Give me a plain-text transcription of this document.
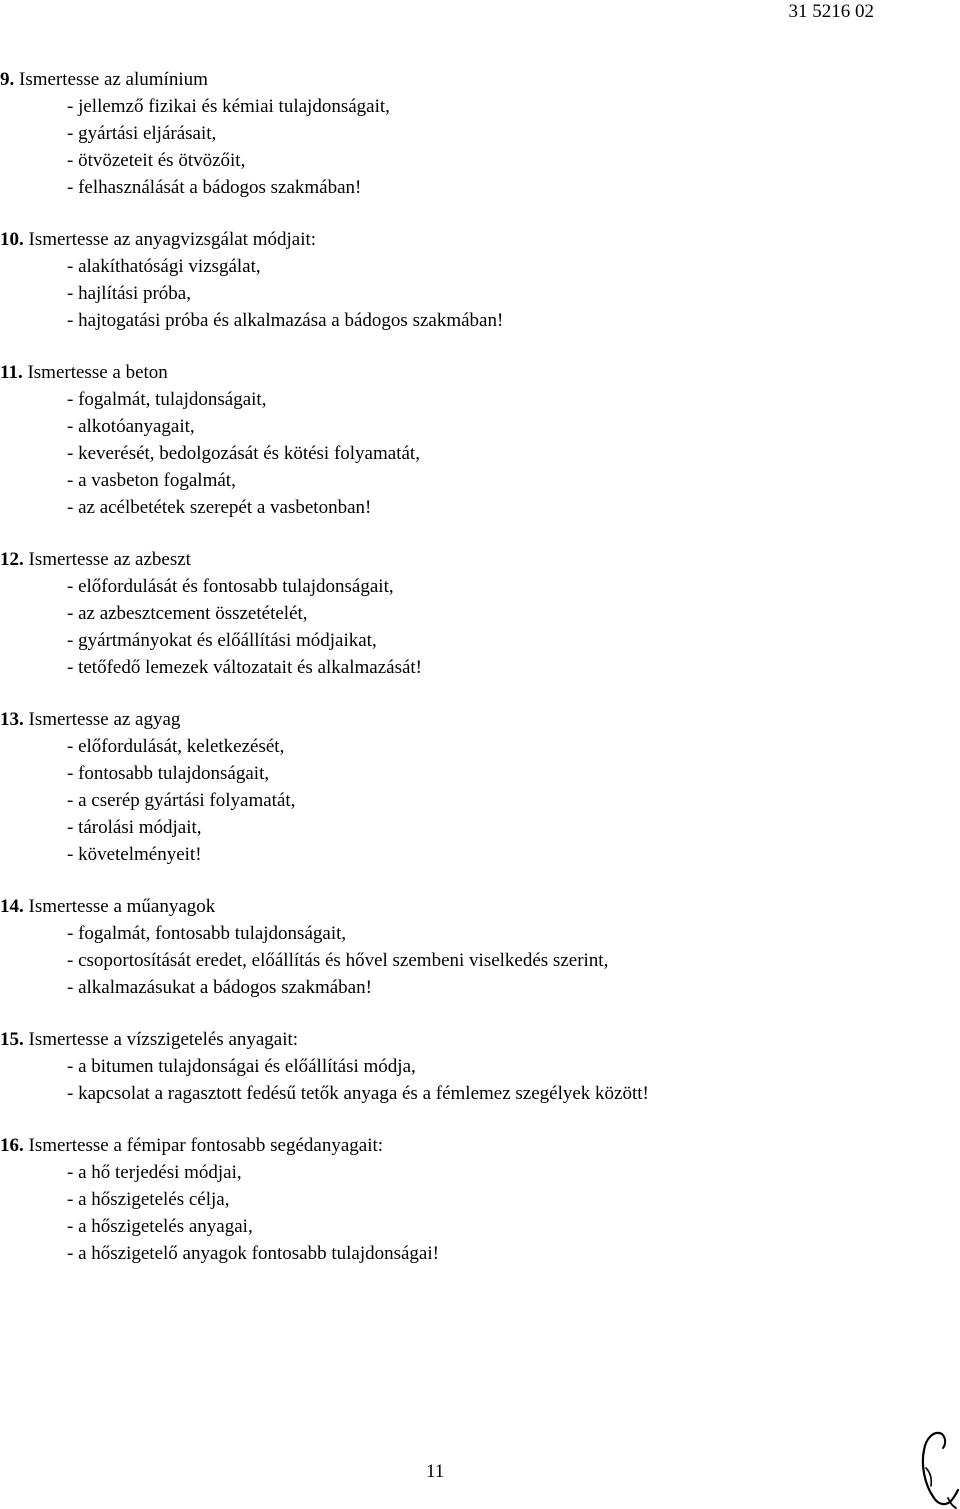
31 5216 02
9. Ismertesse az alumínium
- jellemző fizikai és kémiai tulajdonságait,
- gyártási eljárásait,
- ötvözeteit és ötvözőit,
- felhasználását a bádogos szakmában!
10. Ismertesse az anyagvizsgálat módjait:
- alakíthatósági vizsgálat,
- hajlítási próba,
- hajtogatási próba és alkalmazása a bádogos szakmában!
11. Ismertesse a beton
- fogalmát, tulajdonságait,
- alkotóanyagait,
- keverését, bedolgozását és kötési folyamatát,
- a vasbeton fogalmát,
- az acélbetétek szerepét a vasbetonban!
12. Ismertesse az azbeszt
- előfordulását és fontosabb tulajdonságait,
- az azbesztcement összetételét,
- gyártmányokat és előállítási módjaikat,
- tetőfedő lemezek változatait és alkalmazását!
13. Ismertesse az agyag
- előfordulását, keletkezését,
- fontosabb tulajdonságait,
- a cserép gyártási folyamatát,
- tárolási módjait,
- követelményeit!
14. Ismertesse a műanyagok
- fogalmát, fontosabb tulajdonságait,
- csoportosítását eredet, előállítás és hővel szembeni viselkedés szerint,
- alkalmazásukat a bádogos szakmában!
15. Ismertesse a vízszigetelés anyagait:
- a bitumen tulajdonságai és előállítási módja,
- kapcsolat a ragasztott fedésű tetők anyaga és a fémlemez szegélyek között!
16. Ismertesse a fémipar fontosabb segédanyagait:
- a hő terjedési módjai,
- a hőszigetelés célja,
- a hőszigetelés anyagai,
- a hőszigetelő anyagok fontosabb tulajdonságai!
11
